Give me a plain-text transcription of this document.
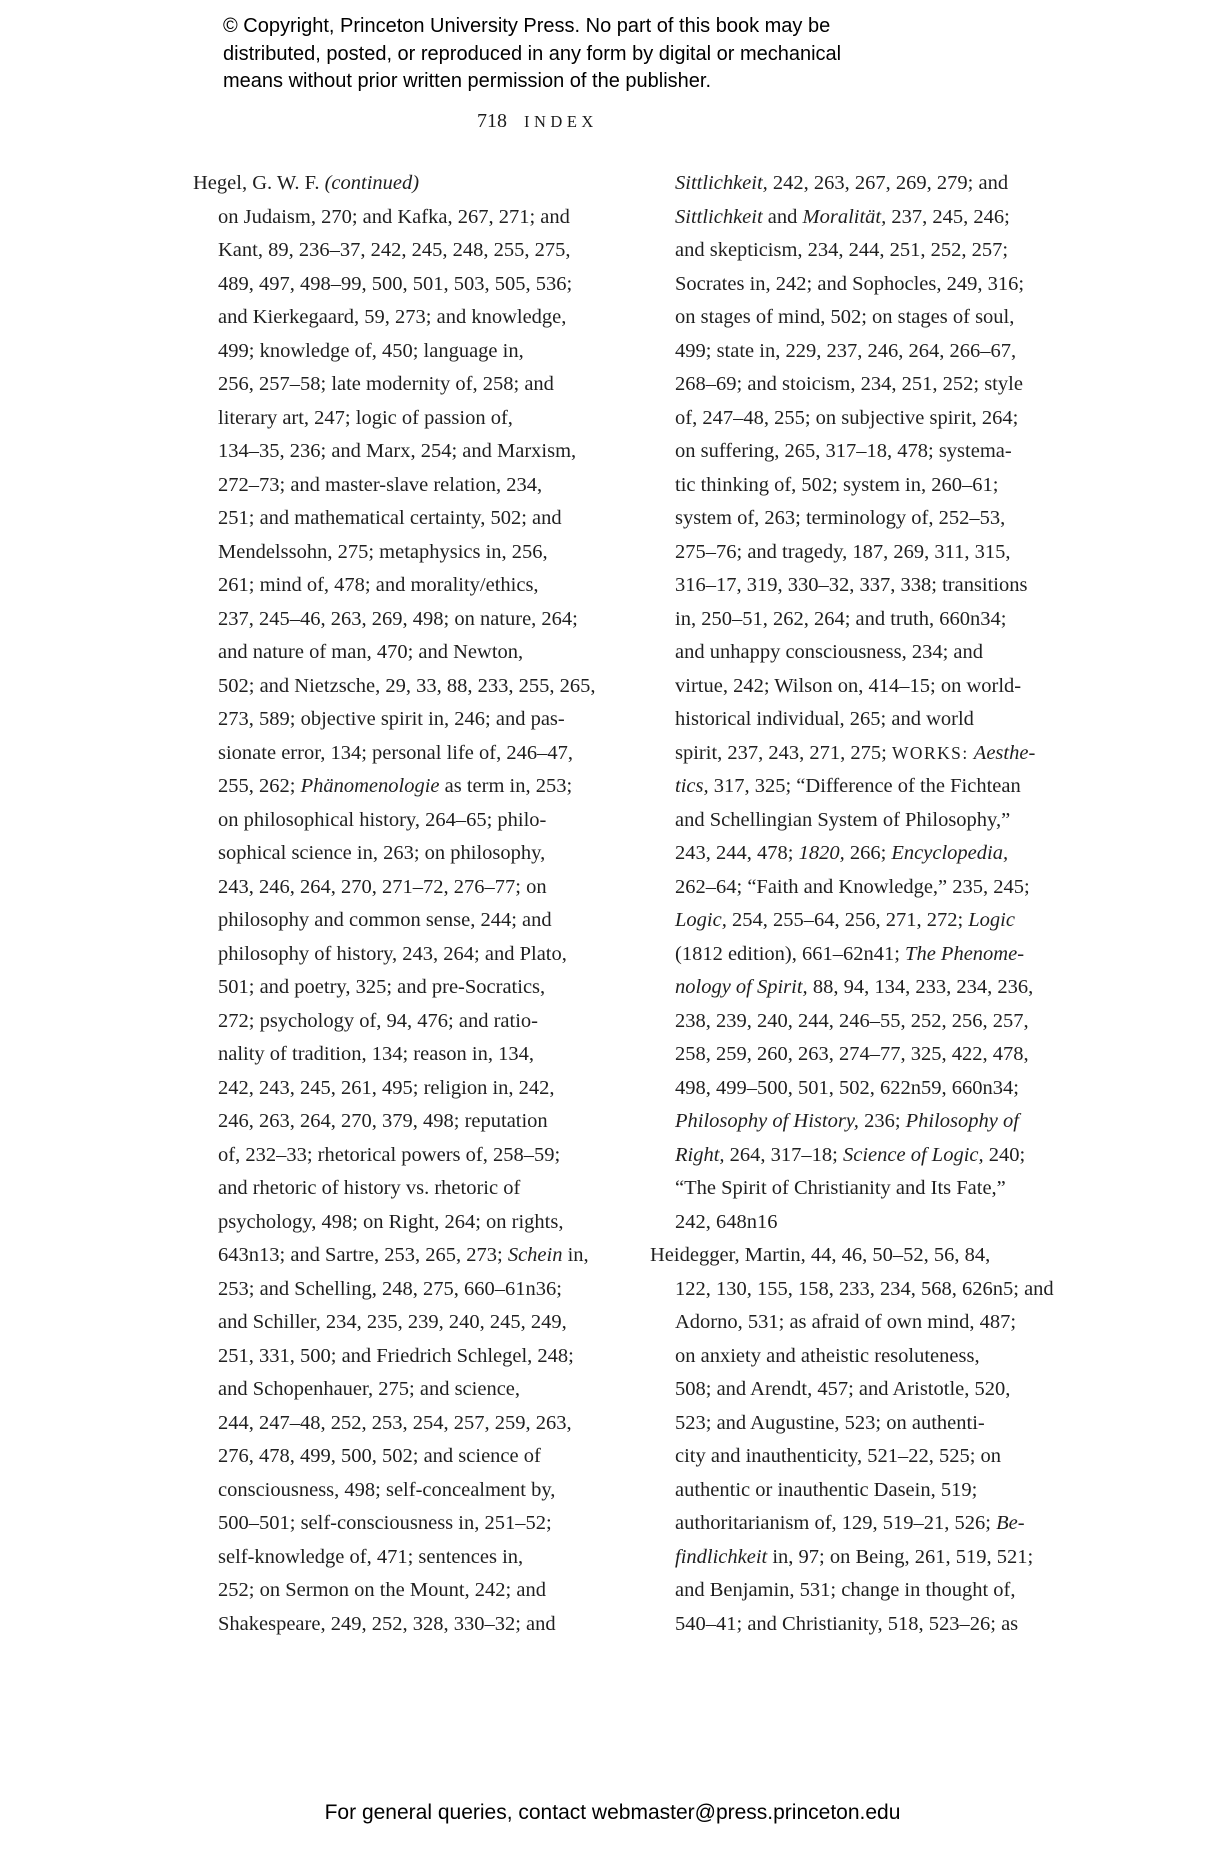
© Copyright, Princeton University Press. No part of this book may be
distributed, posted, or reproduced in any form by digital or mechanical
means without prior written permission of the publisher.
718 INDEX
Hegel, G. W. F. (continued)
on Judaism, 270; and Kafka, 267, 271; and
Kant, 89, 236–37, 242, 245, 248, 255, 275,
489, 497, 498–99, 500, 501, 503, 505, 536;
and Kierkegaard, 59, 273; and knowledge,
499; knowledge of, 450; language in,
256, 257–58; late modernity of, 258; and
literary art, 247; logic of passion of,
134–35, 236; and Marx, 254; and Marxism,
272–73; and master-slave relation, 234,
251; and mathematical certainty, 502; and
Mendelssohn, 275; metaphysics in, 256,
261; mind of, 478; and morality/ethics,
237, 245–46, 263, 269, 498; on nature, 264;
and nature of man, 470; and Newton,
502; and Nietzsche, 29, 33, 88, 233, 255, 265,
273, 589; objective spirit in, 246; and pas-
sionate error, 134; personal life of, 246–47,
255, 262; Phänomenologie as term in, 253;
on philosophical history, 264–65; philo-
sophical science in, 263; on philosophy,
243, 246, 264, 270, 271–72, 276–77; on
philosophy and common sense, 244; and
philosophy of history, 243, 264; and Plato,
501; and poetry, 325; and pre-Socratics,
272; psychology of, 94, 476; and ratio-
nality of tradition, 134; reason in, 134,
242, 243, 245, 261, 495; religion in, 242,
246, 263, 264, 270, 379, 498; reputation
of, 232–33; rhetorical powers of, 258–59;
and rhetoric of history vs. rhetoric of
psychology, 498; on Right, 264; on rights,
643n13; and Sartre, 253, 265, 273; Schein in,
253; and Schelling, 248, 275, 660–61n36;
and Schiller, 234, 235, 239, 240, 245, 249,
251, 331, 500; and Friedrich Schlegel, 248;
and Schopenhauer, 275; and science,
244, 247–48, 252, 253, 254, 257, 259, 263,
276, 478, 499, 500, 502; and science of
consciousness, 498; self-concealment by,
500–501; self-consciousness in, 251–52;
self-knowledge of, 471; sentences in,
252; on Sermon on the Mount, 242; and
Shakespeare, 249, 252, 328, 330–32; and
Sittlichkeit, 242, 263, 267, 269, 279; and
Sittlichkeit and Moralität, 237, 245, 246;
and skepticism, 234, 244, 251, 252, 257;
Socrates in, 242; and Sophocles, 249, 316;
on stages of mind, 502; on stages of soul,
499; state in, 229, 237, 246, 264, 266–67,
268–69; and stoicism, 234, 251, 252; style
of, 247–48, 255; on subjective spirit, 264;
on suffering, 265, 317–18, 478; systema-
tic thinking of, 502; system in, 260–61;
system of, 263; terminology of, 252–53,
275–76; and tragedy, 187, 269, 311, 315,
316–17, 319, 330–32, 337, 338; transitions
in, 250–51, 262, 264; and truth, 660n34;
and unhappy consciousness, 234; and
virtue, 242; Wilson on, 414–15; on world-
historical individual, 265; and world
spirit, 237, 243, 271, 275; WORKS: Aesthe-
tics, 317, 325; “Difference of the Fichtean
and Schellingian System of Philosophy,”
243, 244, 478; 1820, 266; Encyclopedia,
262–64; “Faith and Knowledge,” 235, 245;
Logic, 254, 255–64, 256, 271, 272; Logic
(1812 edition), 661–62n41; The Phenome-
nology of Spirit, 88, 94, 134, 233, 234, 236,
238, 239, 240, 244, 246–55, 252, 256, 257,
258, 259, 260, 263, 274–77, 325, 422, 478,
498, 499–500, 501, 502, 622n59, 660n34;
Philosophy of History, 236; Philosophy of
Right, 264, 317–18; Science of Logic, 240;
“The Spirit of Christianity and Its Fate,”
242, 648n16
Heidegger, Martin, 44, 46, 50–52, 56, 84,
122, 130, 155, 158, 233, 234, 568, 626n5; and
Adorno, 531; as afraid of own mind, 487;
on anxiety and atheistic resoluteness,
508; and Arendt, 457; and Aristotle, 520,
523; and Augustine, 523; on authenti-
city and inauthenticity, 521–22, 525; on
authentic or inauthentic Dasein, 519;
authoritarianism of, 129, 519–21, 526; Be-
findlichkeit in, 97; on Being, 261, 519, 521;
and Benjamin, 531; change in thought of,
540–41; and Christianity, 518, 523–26; as
For general queries, contact webmaster@press.princeton.edu
